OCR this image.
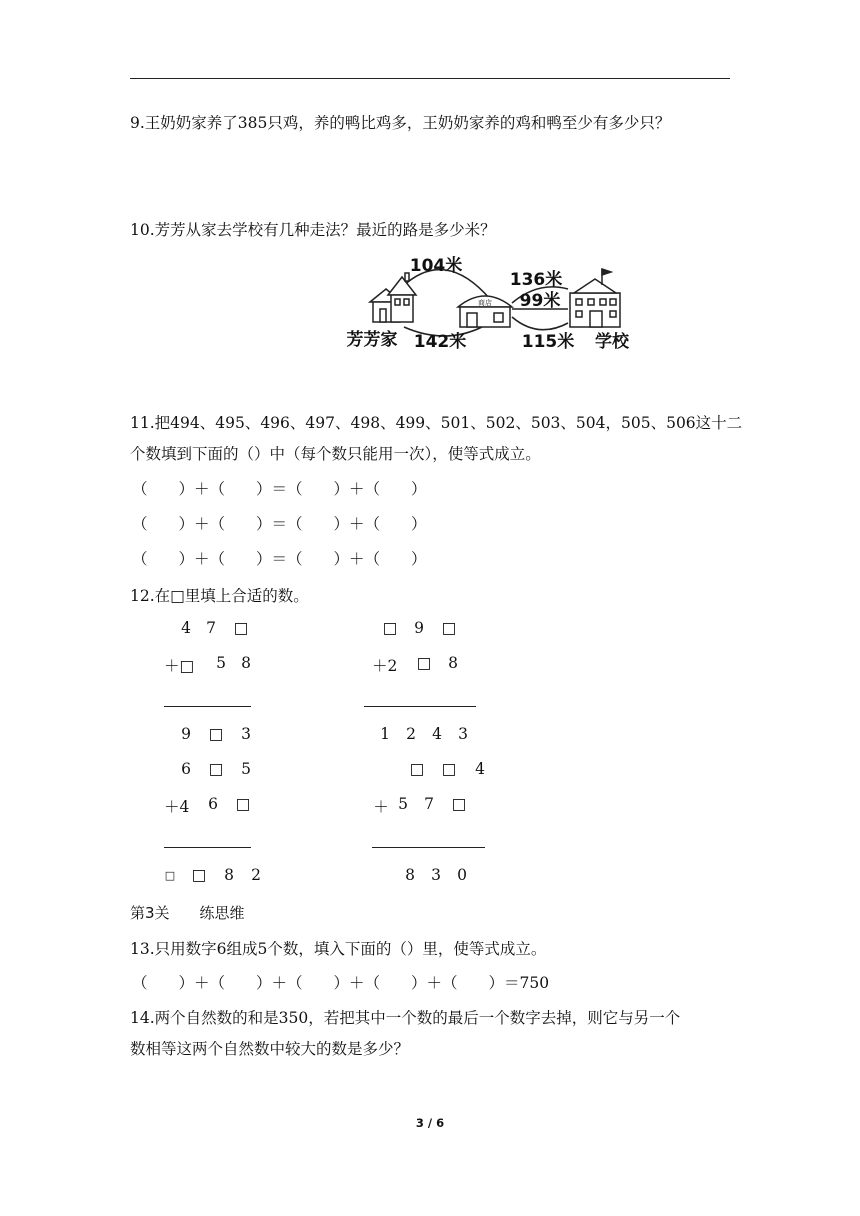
9.王奶奶家养了385只鸡，养的鸭比鸡多，王奶奶家养的鸡和鸭至少有多少只？
10.芳芳从家去学校有几种走法？最近的路是多少米？
商店
104米
142米
136米
99米
115米
芳芳家	学校
11.把494、495、496、497、498、499、501、502、503、504，505、506这十二
个数填到下面的（）中（每个数只能用一次），使等式成立。
（　　）＋（　　）＝（　　）＋（　　）
（　　）＋（　　）＝（　　）＋（　　）
（　　）＋（　　）＝（　　）＋（　　）
12.在□里填上合适的数。
4 7	□
＋□	5 8
9	□	3
□	9	□
＋2 □	8
1	2	4	3
6	□	5
＋4	6	□
□	□	8	2
□ □	4
＋ 5	7	□
8	3	0
第3关　　练思维
13.只用数字6组成5个数，填入下面的（）里，使等式成立。
（　　）＋（　　）＋（　　）＋（　　）＋（　　）＝750
14.两个自然数的和是350，若把其中一个数的最后一个数字去掉，则它与另一个
数相等这两个自然数中较大的数是多少？
3 / 6
